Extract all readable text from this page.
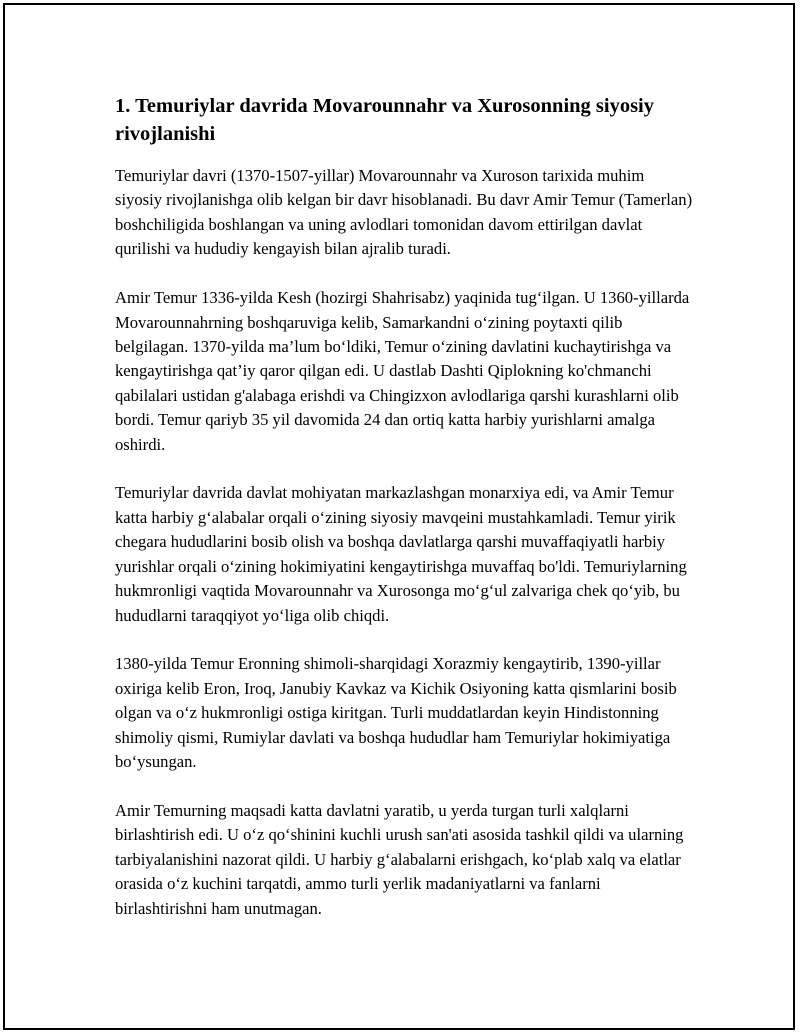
1. Temuriylar davrida Movarounnahr va Xurosonning siyosiy rivojlanishi

Temuriylar davri (1370-1507-yillar) Movarounnahr va Xuroson tarixida muhim siyosiy rivojlanishga olib kelgan bir davr hisoblanadi. Bu davr Amir Temur (Tamerlan) boshchiligida boshlangan va uning avlodlari tomonidan davom ettirilgan davlat qurilishi va hududiy kengayish bilan ajralib turadi.

Amir Temur 1336-yilda Kesh (hozirgi Shahrisabz) yaqinida tug‘ilgan. U 1360-yillarda Movarounnahrning boshqaruviga kelib, Samarkandni o‘zining poytaxti qilib belgilagan. 1370-yilda ma’lum bo‘ldiki, Temur o‘zining davlatini kuchaytirishga va kengaytirishga qat’iy qaror qilgan edi. U dastlab Dashti Qiplokning ko'chmanchi qabilalari ustidan g'alabaga erishdi va Chingizxon avlodlariga qarshi kurashlarni olib bordi. Temur qariyb 35 yil davomida 24 dan ortiq katta harbiy yurishlarni amalga oshirdi.

Temuriylar davrida davlat mohiyatan markazlashgan monarxiya edi, va Amir Temur katta harbiy g‘alabalar orqali o‘zining siyosiy mavqeini mustahkamladi. Temur yirik chegara hududlarini bosib olish va boshqa davlatlarga qarshi muvaffaqiyatli harbiy yurishlar orqali o‘zining hokimiyatini kengaytirishga muvaffaq bo'ldi. Temuriylarning hukmronligi vaqtida Movarounnahr va Xurosonga mo‘g‘ul zalvariga chek qo‘yib, bu hududlarni taraqqiyot yo‘liga olib chiqdi.

1380-yilda Temur Eronning shimoli-sharqidagi Xorazmiy kengaytirib, 1390-yillar oxiriga kelib Eron, Iroq, Janubiy Kavkaz va Kichik Osiyoning katta qismlarini bosib olgan va o‘z hukmronligi ostiga kiritgan. Turli muddatlardan keyin Hindistonning shimoliy qismi, Rumiylar davlati va boshqa hududlar ham Temuriylar hokimiyatiga bo‘ysungan.

Amir Temurning maqsadi katta davlatni yaratib, u yerda turgan turli xalqlarni birlashtirish edi. U o‘z qo‘shinini kuchli urush san'ati asosida tashkil qildi va ularning tarbiyalanishini nazorat qildi. U harbiy g‘alabalarni erishgach, ko‘plab xalq va elatlar orasida o‘z kuchini tarqatdi, ammo turli yerlik madaniyatlarni va fanlarni birlashtirishni ham unutmagan.
